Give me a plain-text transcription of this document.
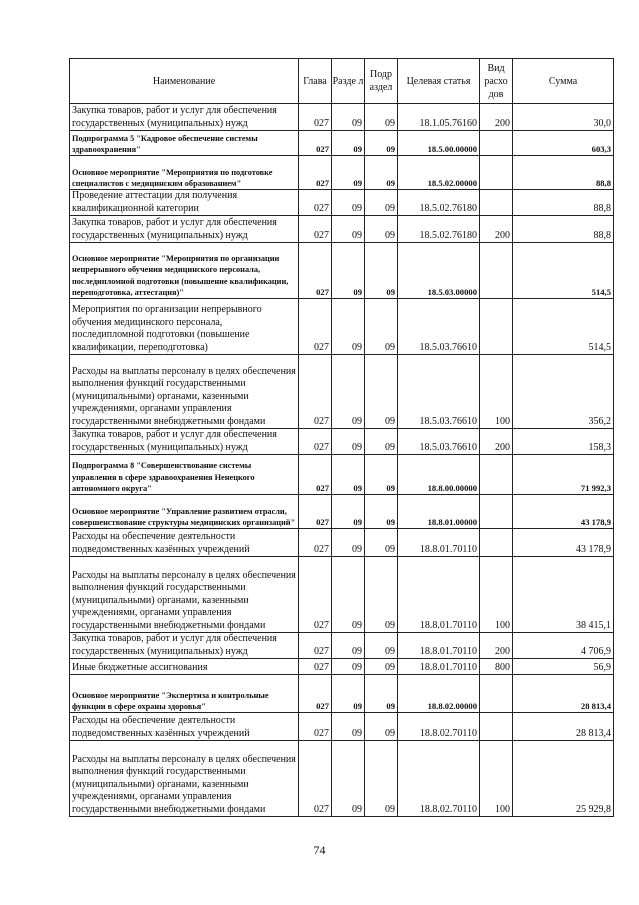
Наименование	Глава	Разде л	Подр аздел	Целевая статья	Вид расхо дов	Сумма
Закупка товаров, работ и услуг для обеспечения государственных (муниципальных) нужд	027	09	09	18.1.05.76160	200	30,0
Подпрограмма 5 "Кадровое обеспечение системы здравоохранения"	027	09	09	18.5.00.00000		603,3
Основное мероприятие "Мероприятия по подготовке специалистов с медицинским образованием"	027	09	09	18.5.02.00000		88,8
Проведение аттестации для получения квалификационной категории	027	09	09	18.5.02.76180		88,8
Закупка товаров, работ и услуг для обеспечения государственных (муниципальных) нужд	027	09	09	18.5.02.76180	200	88,8
Основное мероприятие "Мероприятия по организации непрерывного обучения медицинского персонала, последипломной подготовки (повышение квалификации, переподготовка, аттестация)"	027	09	09	18.5.03.00000		514,5
Мероприятия по организации непрерывного обучения медицинского персонала, последипломной подготовки (повышение квалификации, переподготовка)	027	09	09	18.5.03.76610		514,5
Расходы на выплаты персоналу в целях обеспечения выполнения функций государственными (муниципальными) органами, казенными учреждениями, органами управления государственными внебюджетными фондами	027	09	09	18.5.03.76610	100	356,2
Закупка товаров, работ и услуг для обеспечения государственных (муниципальных) нужд	027	09	09	18.5.03.76610	200	158,3
Подпрограмма 8 "Совершенствование системы управления в сфере здравоохранения Ненецкого автономного округа"	027	09	09	18.8.00.00000		71 992,3
Основное мероприятие "Управление развитием отрасли, совершенствование структуры медицинских организаций"	027	09	09	18.8.01.00000		43 178,9
Расходы на обеспечение деятельности подведомственных казённых учреждений	027	09	09	18.8.01.70110		43 178,9
Расходы на выплаты персоналу в целях обеспечения выполнения функций государственными (муниципальными) органами, казенными учреждениями, органами управления государственными внебюджетными фондами	027	09	09	18.8.01.70110	100	38 415,1
Закупка товаров, работ и услуг для обеспечения государственных (муниципальных) нужд	027	09	09	18.8.01.70110	200	4 706,9
Иные бюджетные ассигнования	027	09	09	18.8.01.70110	800	56,9
Основное мероприятие "Экспертиза и контрольные функции в сфере охраны здоровья"	027	09	09	18.8.02.00000		28 813,4
Расходы на обеспечение деятельности подведомственных казённых учреждений	027	09	09	18.8.02.70110		28 813,4
Расходы на выплаты персоналу в целях обеспечения выполнения функций государственными (муниципальными) органами, казенными учреждениями, органами управления государственными внебюджетными фондами	027	09	09	18.8.02.70110	100	25 929,8
74
